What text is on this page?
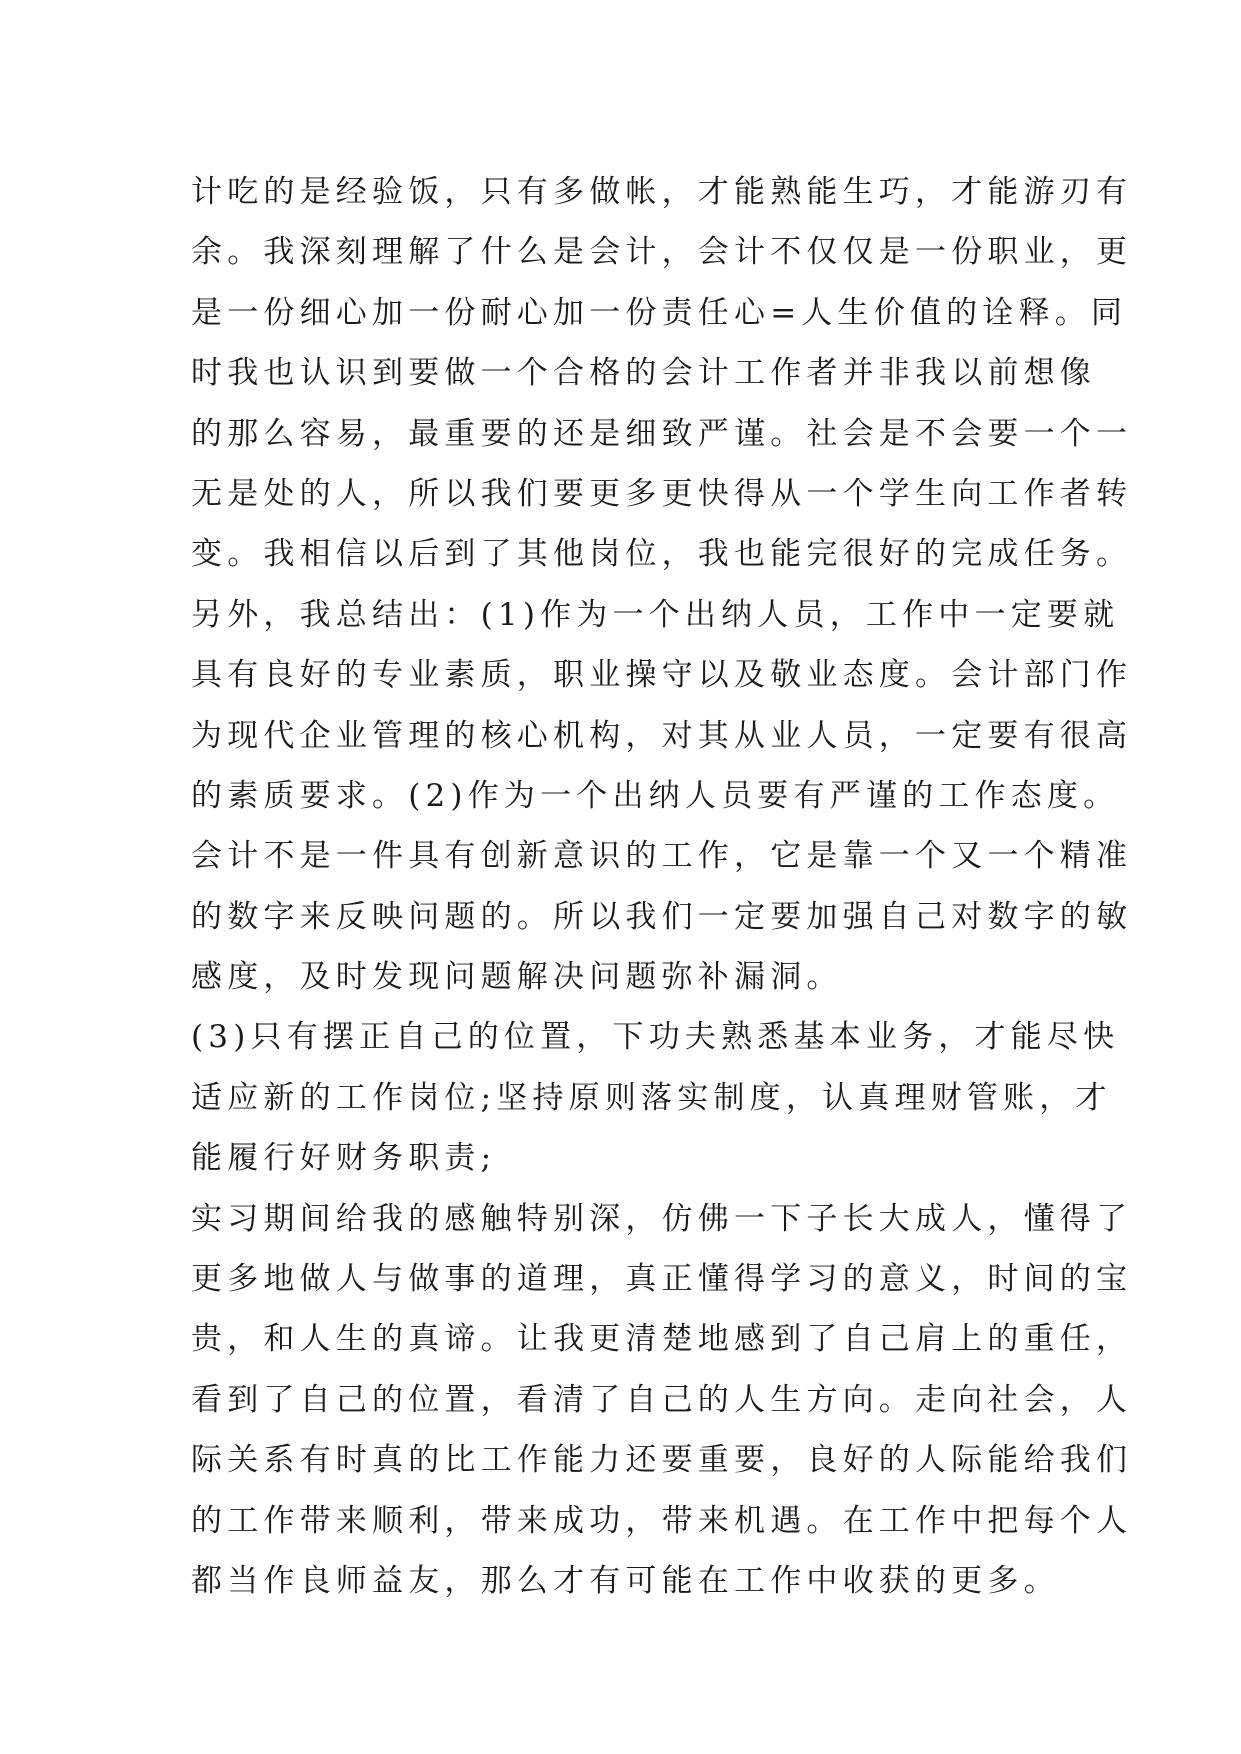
计吃的是经验饭，只有多做帐，才能熟能生巧，才能游刃有
余。我深刻理解了什么是会计，会计不仅仅是一份职业，更
是一份细心加一份耐心加一份责任心=人生价值的诠释。同
时我也认识到要做一个合格的会计工作者并非我以前想像
的那么容易，最重要的还是细致严谨。社会是不会要一个一
无是处的人，所以我们要更多更快得从一个学生向工作者转
变。我相信以后到了其他岗位，我也能完很好的完成任务。
另外，我总结出：(1)作为一个出纳人员，工作中一定要就
具有良好的专业素质，职业操守以及敬业态度。会计部门作
为现代企业管理的核心机构，对其从业人员，一定要有很高
的素质要求。(2)作为一个出纳人员要有严谨的工作态度。
会计不是一件具有创新意识的工作，它是靠一个又一个精准
的数字来反映问题的。所以我们一定要加强自己对数字的敏
感度，及时发现问题解决问题弥补漏洞。
(3)只有摆正自己的位置，下功夫熟悉基本业务，才能尽快
适应新的工作岗位;坚持原则落实制度，认真理财管账，才
能履行好财务职责;
实习期间给我的感触特别深，仿佛一下子长大成人，懂得了
更多地做人与做事的道理，真正懂得学习的意义，时间的宝
贵，和人生的真谛。让我更清楚地感到了自己肩上的重任，
看到了自己的位置，看清了自己的人生方向。走向社会，人
际关系有时真的比工作能力还要重要，良好的人际能给我们
的工作带来顺利，带来成功，带来机遇。在工作中把每个人
都当作良师益友，那么才有可能在工作中收获的更多。
